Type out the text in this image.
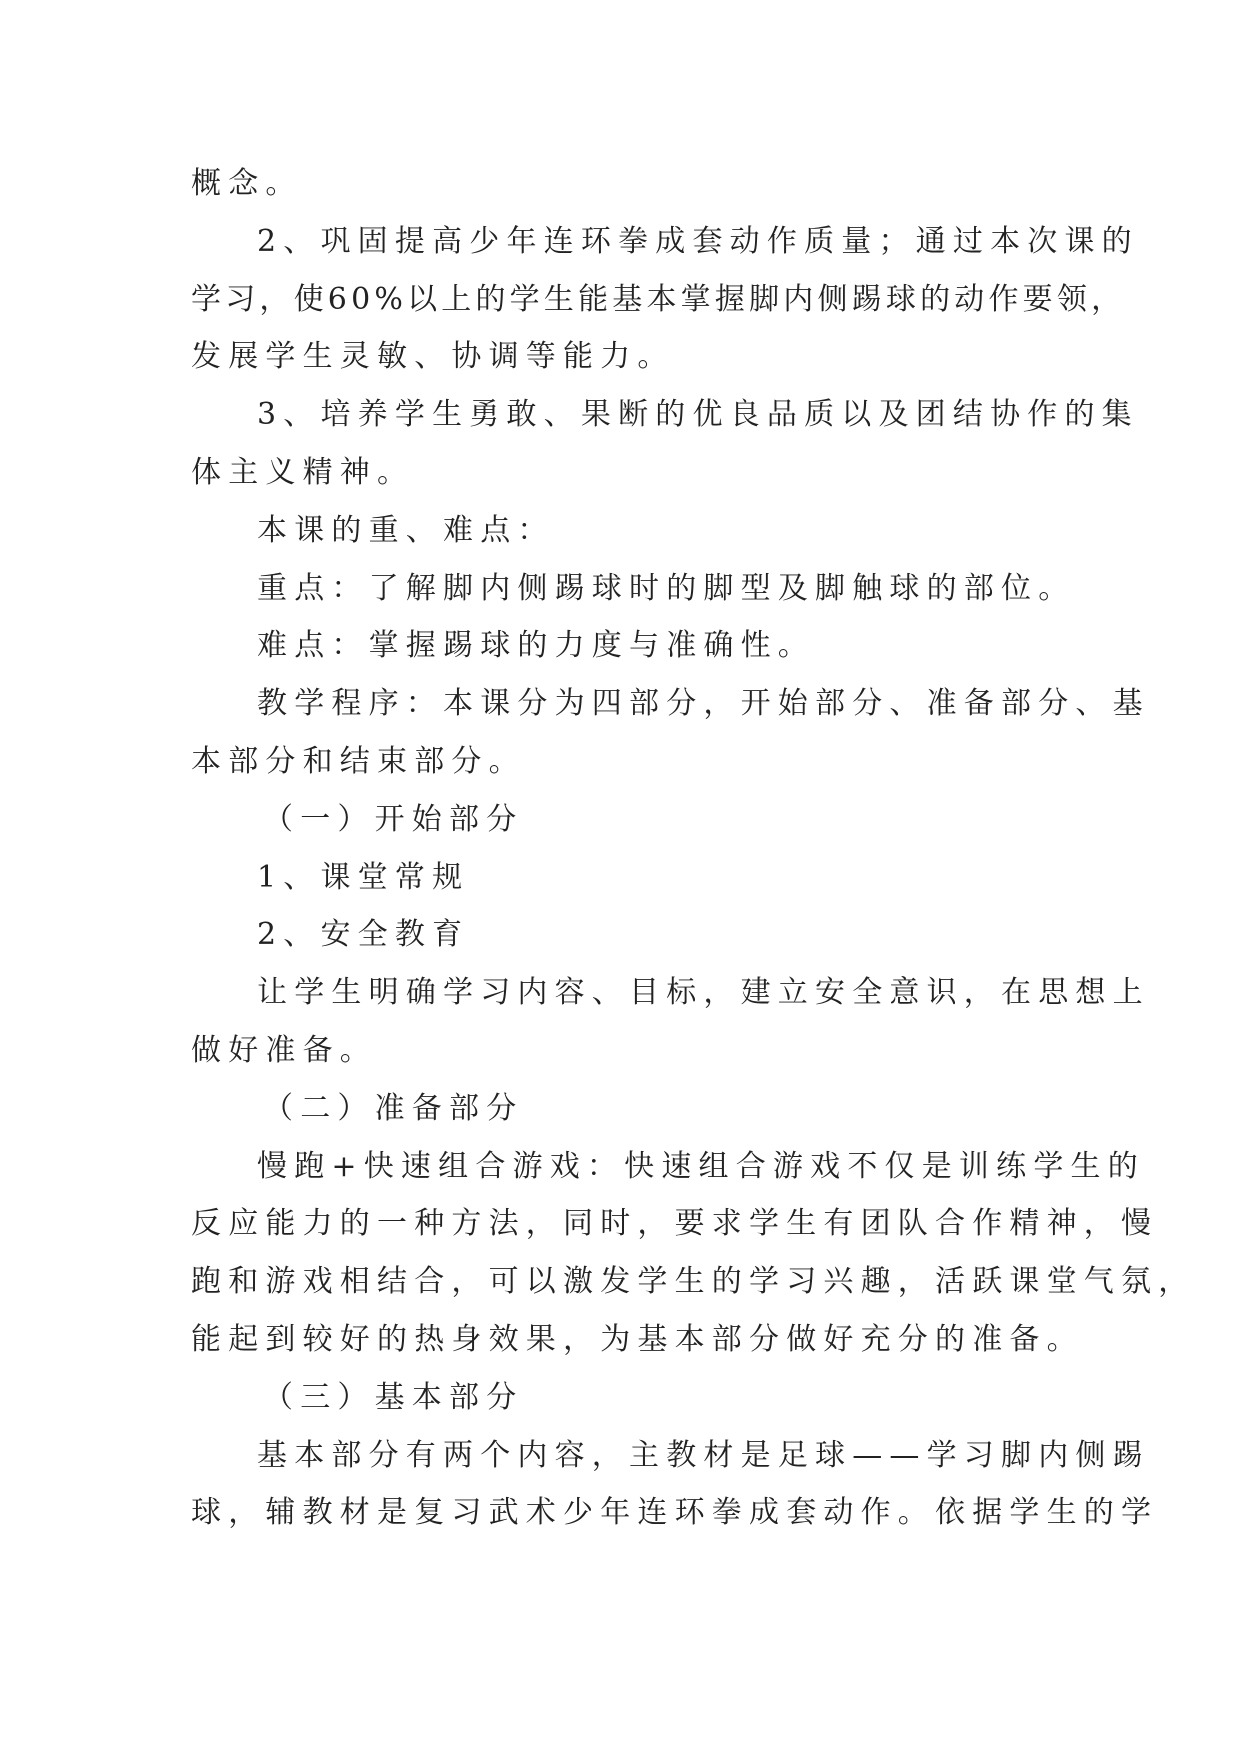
概念。
2、巩固提高少年连环拳成套动作质量；通过本次课的
学习，使60%以上的学生能基本掌握脚内侧踢球的动作要领，
发展学生灵敏、协调等能力。
3、培养学生勇敢、果断的优良品质以及团结协作的集
体主义精神。
本课的重、难点：
重点：了解脚内侧踢球时的脚型及脚触球的部位。
难点：掌握踢球的力度与准确性。
教学程序：本课分为四部分，开始部分、准备部分、基
本部分和结束部分。
（一）开始部分
1、课堂常规
2、安全教育
让学生明确学习内容、目标，建立安全意识，在思想上
做好准备。
（二）准备部分
慢跑+快速组合游戏：快速组合游戏不仅是训练学生的
反应能力的一种方法，同时，要求学生有团队合作精神，慢
跑和游戏相结合，可以激发学生的学习兴趣，活跃课堂气氛，
能起到较好的热身效果，为基本部分做好充分的准备。
（三）基本部分
基本部分有两个内容，主教材是足球——学习脚内侧踢
球，辅教材是复习武术少年连环拳成套动作。依据学生的学
